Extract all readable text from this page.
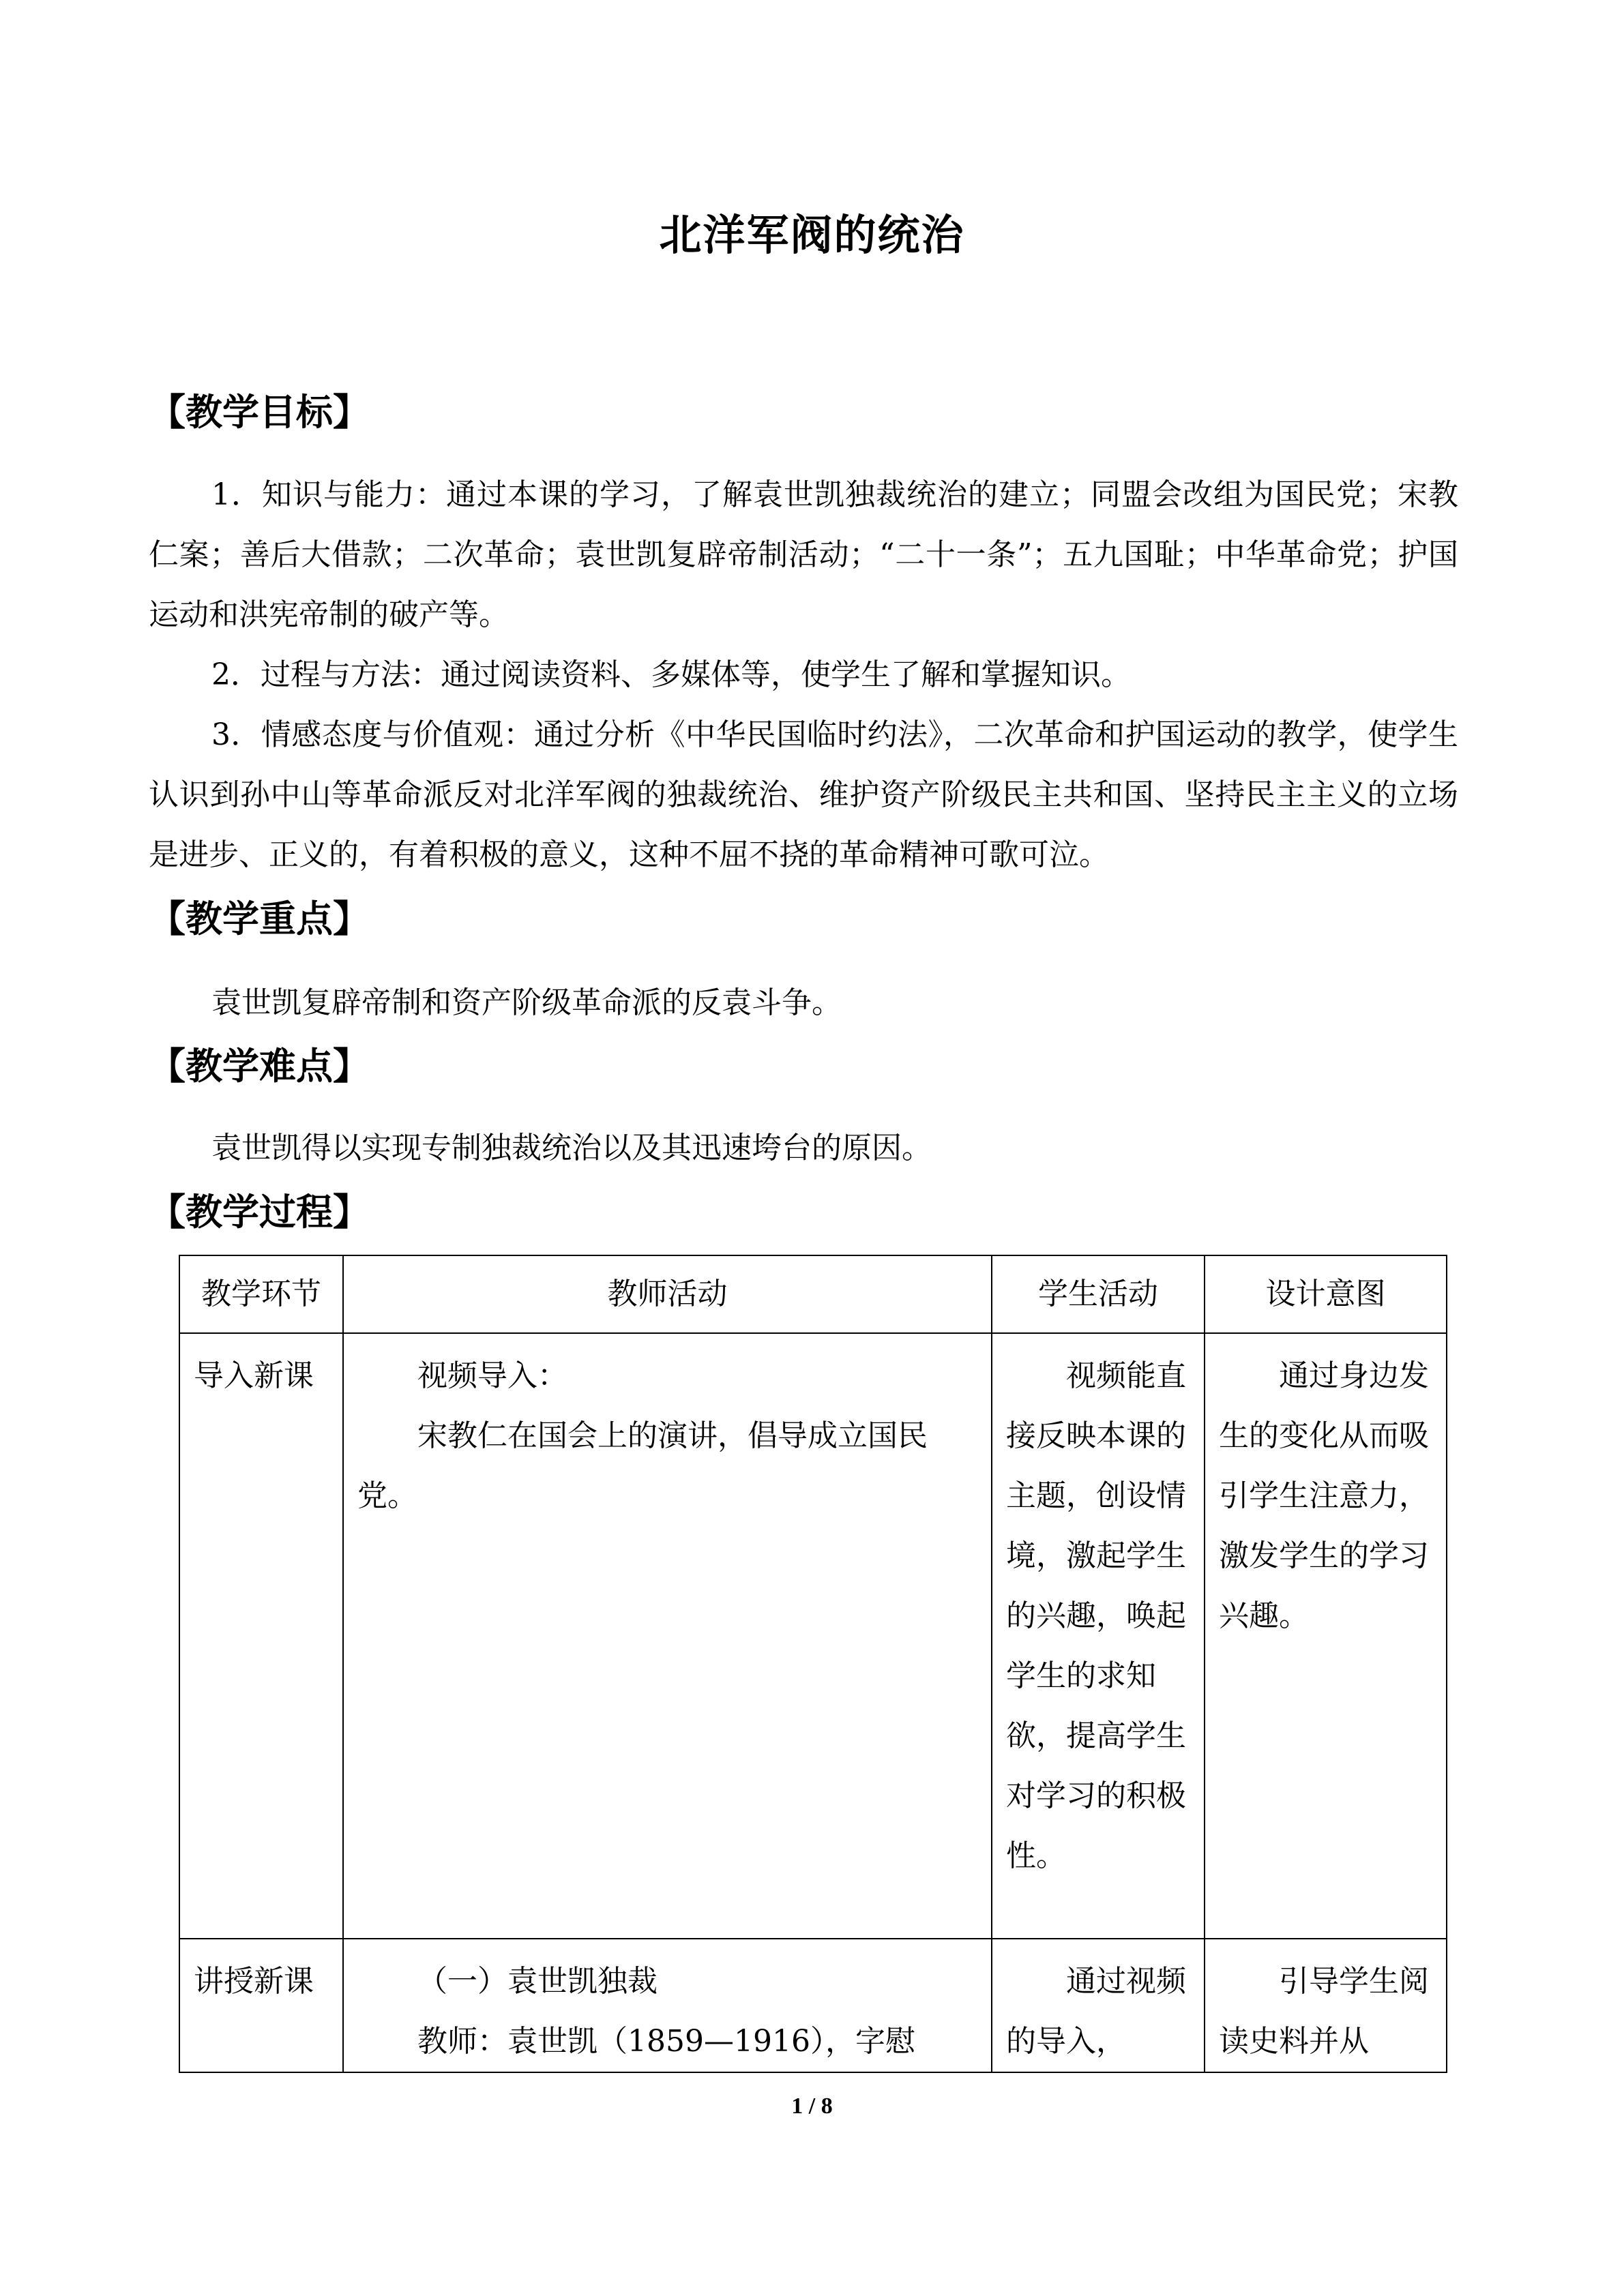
北洋军阀的统治
【教学目标】
1．知识与能力：通过本课的学习，了解袁世凯独裁统治的建立；同盟会改组为国民党；宋教仁案；善后大借款；二次革命；袁世凯复辟帝制活动；“二十一条”；五九国耻；中华革命党；护国运动和洪宪帝制的破产等。
2．过程与方法：通过阅读资料、多媒体等，使学生了解和掌握知识。
3．情感态度与价值观：通过分析《中华民国临时约法》，二次革命和护国运动的教学，使学生认识到孙中山等革命派反对北洋军阀的独裁统治、维护资产阶级民主共和国、坚持民主主义的立场是进步、正义的，有着积极的意义，这种不屈不挠的革命精神可歌可泣。
【教学重点】
袁世凯复辟帝制和资产阶级革命派的反袁斗争。
【教学难点】
袁世凯得以实现专制独裁统治以及其迅速垮台的原因。
【教学过程】
教学环节	教师活动	学生活动	设计意图

导入新课	视频导入：
宋教仁在国会上的演讲，倡导成立国民党。	视频能直接反映本课的主题，创设情境，激起学生的兴趣，唤起学生的求知欲，提高学生对学习的积极性。	通过身边发生的变化从而吸引学生注意力，激发学生的学习兴趣。

讲授新课	（一）袁世凯独裁
教师：袁世凯（1859—1916），字慰	通过视频的导入，	引导学生阅读史料并从
1 / 8
